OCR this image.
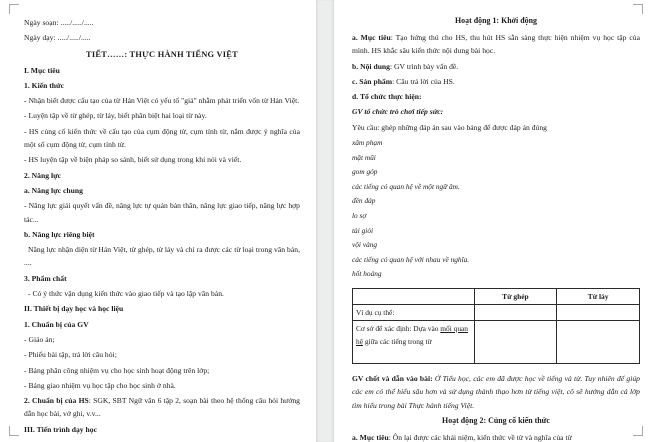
Ngày soạn: ...../...../.....

Ngày dạy: ...../...../.....

TIẾT……: THỰC HÀNH TIẾNG VIỆT

I. Mục tiêu

1. Kiến thức

- Nhận biết được cấu tạo của từ Hán Việt có yếu tố "giả" nhằm phát triển vốn từ Hán Việt.

- Luyện tập về từ ghép, từ láy, biết phân biệt hai loại từ này.

- HS củng cố kiến thức về cấu tạo của cụm động từ, cụm tính từ, nắm được ý nghĩa của một số cụm động từ, cụm tính từ.

- HS luyện tập về biện pháp so sánh, biết sử dụng trong khi nói và viết.

2. Năng lực

a. Năng lực chung

- Năng lực giải quyết vấn đề, năng lực tự quản bản thân, năng lực giao tiếp, năng lực hợp tác...

b. Năng lực riêng biệt

Năng lực nhận diện từ Hán Việt, từ ghép, từ láy và chỉ ra được các từ loại trong văn bản, ....

3. Phẩm chất

- Có ý thức vận dụng kiến thức vào giao tiếp và tạo lập văn bản.

II. Thiết bị dạy học và học liệu

1. Chuẩn bị của GV

- Giáo án;

- Phiếu bài tập, trả lời câu hỏi;

- Bảng phân công nhiệm vụ cho học sinh hoạt động trên lớp;

- Bảng giao nhiệm vụ học tập cho học sinh ở nhà.

2. Chuẩn bị của HS: SGK, SBT Ngữ văn 6 tập 2, soạn bài theo hệ thống câu hỏi hướng dẫn học bài, vở ghi, v.v...

III. Tiến trình dạy học

Hoạt động 1: Khởi động

a. Mục tiêu: Tạo hứng thú cho HS, thu hút HS sẵn sàng thực hiện nhiệm vụ học tập của mình. HS khắc sâu kiến thức nội dung bài học.

b. Nội dung: GV trình bày vấn đề.

c. Sản phẩm: Câu trả lời của HS.

d. Tổ chức thực hiện:

GV tổ chức trò chơi tiếp sức:

Yêu cầu: ghép những đáp án sau vào bảng để được đáp án đúng

xâm phạm

mặt mũi

gom góp

các tiếng có quan hệ về một ngữ âm.

đền đáp

lo sợ

tài giỏi

vội vàng

các tiếng có quan hệ với nhau về nghĩa.

hốt hoảng

	Từ ghép	Từ láy
Ví dụ cụ thể:		
Cơ sở để xác định: Dựa vào mối quan hệ giữa các tiếng trong từ		

GV chốt và dẫn vào bài: Ở Tiểu học, các em đã được học về tiếng và từ. Tuy nhiên để giúp các em có thể hiểu sâu hơn và sử dụng thành thạo hơn từ tiếng việt, cô sẽ hướng dẫn cả lớp tìm hiểu trong bài Thực hành tiếng Việt.

Hoạt động 2: Củng cố kiến thức

a. Mục tiêu: Ôn lại được các khái niệm, kiến thức về từ và nghĩa của từ
